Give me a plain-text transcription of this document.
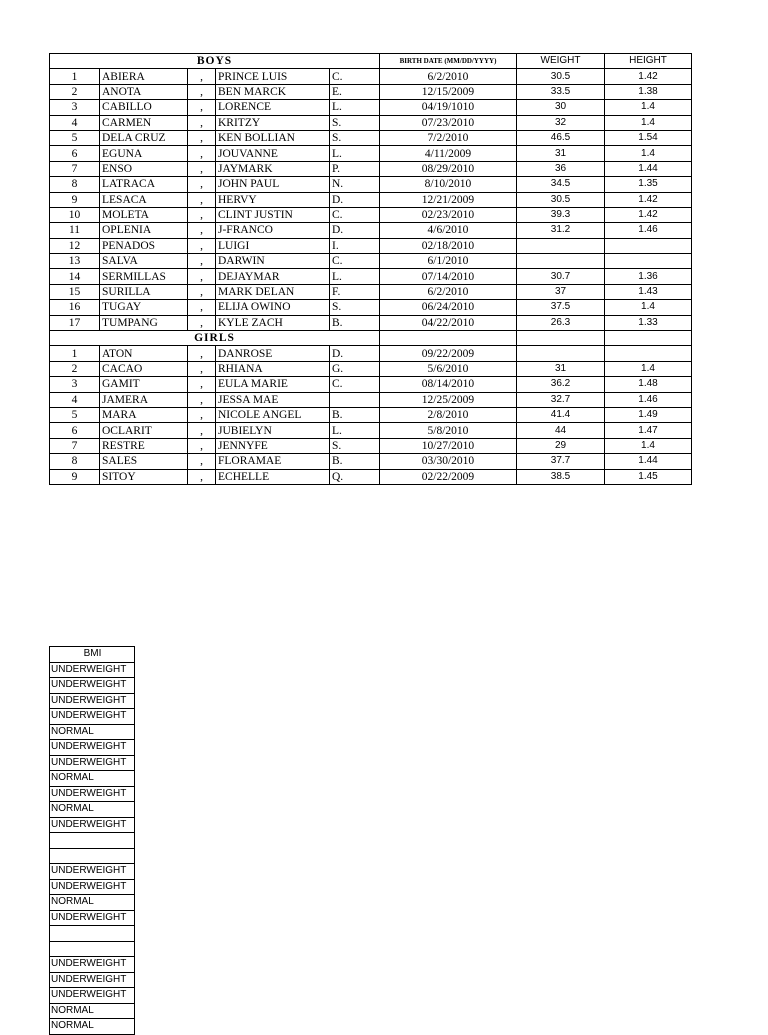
BOYS					BIRTH DATE (MM/DD/YYYY)	WEIGHT	HEIGHT
1	ABIERA	,	PRINCE LUIS	C.	6/2/2010	30.5	1.42
2	ANOTA	,	BEN MARCK	E.	12/15/2009	33.5	1.38
3	CABILLO	,	LORENCE	L.	04/19/1010	30	1.4
4	CARMEN	,	KRITZY	S.	07/23/2010	32	1.4
5	DELA CRUZ	,	KEN BOLLIAN	S.	7/2/2010	46.5	1.54
6	EGUNA	,	JOUVANNE	L.	4/11/2009	31	1.4
7	ENSO	,	JAYMARK	P.	08/29/2010	36	1.44
8	LATRACA	,	JOHN PAUL	N.	8/10/2010	34.5	1.35
9	LESACA	,	HERVY	D.	12/21/2009	30.5	1.42
10	MOLETA	,	CLINT JUSTIN	C.	02/23/2010	39.3	1.42
11	OPLENIA	,	J-FRANCO	D.	4/6/2010	31.2	1.46
12	PENADOS	,	LUIGI	I.	02/18/2010		
13	SALVA	,	DARWIN	C.	6/1/2010		
14	SERMILLAS	,	DEJAYMAR	L.	07/14/2010	30.7	1.36
15	SURILLA	,	MARK DELAN	F.	6/2/2010	37	1.43
16	TUGAY	,	ELIJA OWINO	S.	06/24/2010	37.5	1.4
17	TUMPANG	,	KYLE ZACH	B.	04/22/2010	26.3	1.33
GIRLS							
1	ATON	,	DANROSE	D.	09/22/2009		
2	CACAO	,	RHIANA	G.	5/6/2010	31	1.4
3	GAMIT	,	EULA MARIE	C.	08/14/2010	36.2	1.48
4	JAMERA	,	JESSA MAE		12/25/2009	32.7	1.46
5	MARA	,	NICOLE ANGEL	B.	2/8/2010	41.4	1.49
6	OCLARIT	,	JUBIELYN	L.	5/8/2010	44	1.47
7	RESTRE	,	JENNYFE	S.	10/27/2010	29	1.4
8	SALES	,	FLORAMAE	B.	03/30/2010	37.7	1.44
9	SITOY	,	ECHELLE	Q.	02/22/2009	38.5	1.45
BMI
UNDERWEIGHT
UNDERWEIGHT
UNDERWEIGHT
UNDERWEIGHT
NORMAL
UNDERWEIGHT
UNDERWEIGHT
NORMAL
UNDERWEIGHT
NORMAL
UNDERWEIGHT

UNDERWEIGHT
UNDERWEIGHT
NORMAL
UNDERWEIGHT

UNDERWEIGHT
UNDERWEIGHT
UNDERWEIGHT
NORMAL
NORMAL
